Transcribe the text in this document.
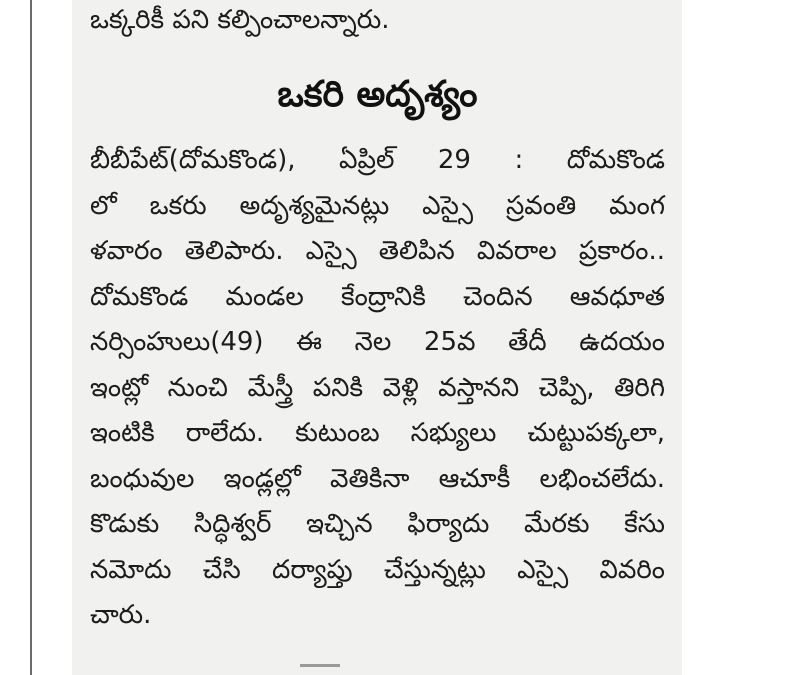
ఒక్కరికీ పని కల్పించాలన్నారు.
ఒకరి అదృశ్యం
బీబీపేట్(దోమకొండ), ఏప్రిల్ 29 : దోమకొండ
లో ఒకరు అదృశ్యమైనట్లు ఎస్సై స్రవంతి మంగ
ళవారం తెలిపారు. ఎస్సై తెలిపిన వివరాల ప్రకారం..
దోమకొండ మండల కేంద్రానికి చెందిన ఆవధూత
నర్సింహులు(49) ఈ నెల 25వ తేదీ ఉదయం
ఇంట్లో నుంచి మేస్త్రీ పనికి వెళ్లి వస్తానని చెప్పి, తిరిగి
ఇంటికి రాలేదు. కుటుంబ సభ్యులు చుట్టుపక్కలా,
బంధువుల ఇండ్లల్లో వెతికినా ఆచూకీ లభించలేదు.
కొడుకు సిద్ధిశ్వర్ ఇచ్చిన ఫిర్యాదు మేరకు కేసు
నమోదు చేసి దర్యాప్తు చేస్తున్నట్లు ఎస్సై వివరిం
చారు.
